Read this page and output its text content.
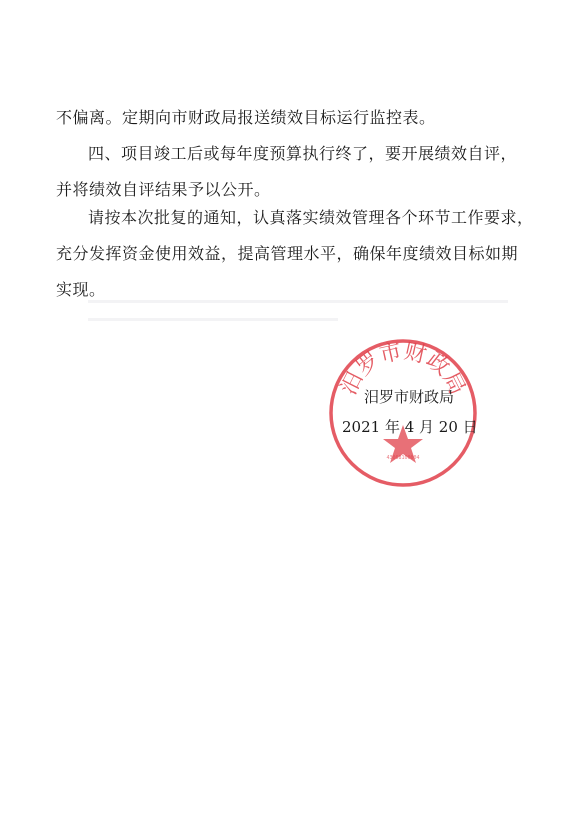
不偏离。定期向市财政局报送绩效目标运行监控表。
四、项目竣工后或每年度预算执行终了，要开展绩效自评，
并将绩效自评结果予以公开。
请按本次批复的通知，认真落实绩效管理各个环节工作要求，
充分发挥资金使用效益，提高管理水平，确保年度绩效目标如期
实现。
汨罗市财政局
43068100004
汨罗市财政局
2021 年 4 月 20 日
